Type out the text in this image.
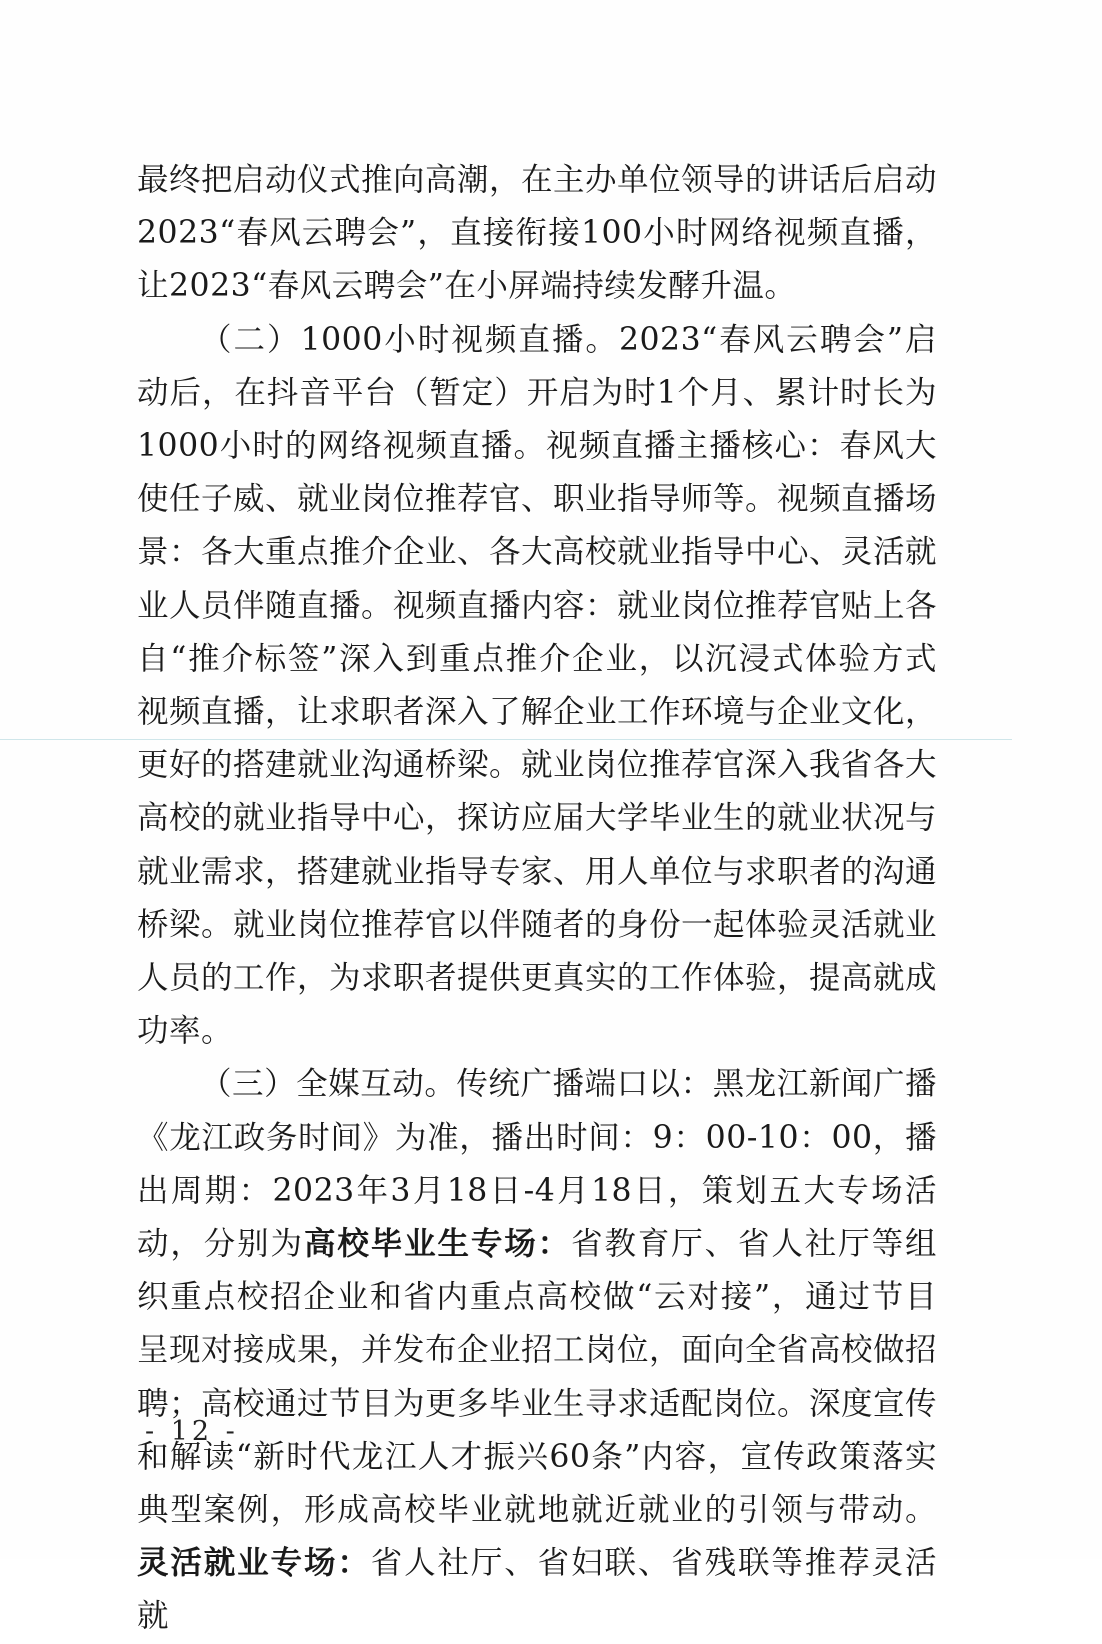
最终把启动仪式推向高潮，在主办单位领导的讲话后启动2023“春风云聘会”，直接衔接100小时网络视频直播，让2023“春风云聘会”在小屏端持续发酵升温。

（二）1000小时视频直播。2023“春风云聘会”启动后，在抖音平台（暂定）开启为时1个月、累计时长为1000小时的网络视频直播。视频直播主播核心：春风大使任子威、就业岗位推荐官、职业指导师等。视频直播场景：各大重点推介企业、各大高校就业指导中心、灵活就业人员伴随直播。视频直播内容：就业岗位推荐官贴上各自“推介标签”深入到重点推介企业，以沉浸式体验方式视频直播，让求职者深入了解企业工作环境与企业文化，更好的搭建就业沟通桥梁。就业岗位推荐官深入我省各大高校的就业指导中心，探访应届大学毕业生的就业状况与就业需求，搭建就业指导专家、用人单位与求职者的沟通桥梁。就业岗位推荐官以伴随者的身份一起体验灵活就业人员的工作，为求职者提供更真实的工作体验，提高就成功率。

（三）全媒互动。传统广播端口以：黑龙江新闻广播《龙江政务时间》为准，播出时间：9：00-10：00，播出周期：2023年3月18日-4月18日，策划五大专场活动，分别为高校毕业生专场：省教育厅、省人社厅等组织重点校招企业和省内重点高校做“云对接”，通过节目呈现对接成果，并发布企业招工岗位，面向全省高校做招聘；高校通过节目为更多毕业生寻求适配岗位。深度宣传和解读“新时代龙江人才振兴60条”内容，宣传政策落实典型案例，形成高校毕业就地就近就业的引领与带动。灵活就业专场：省人社厅、省妇联、省残联等推荐灵活就

- 12 -
